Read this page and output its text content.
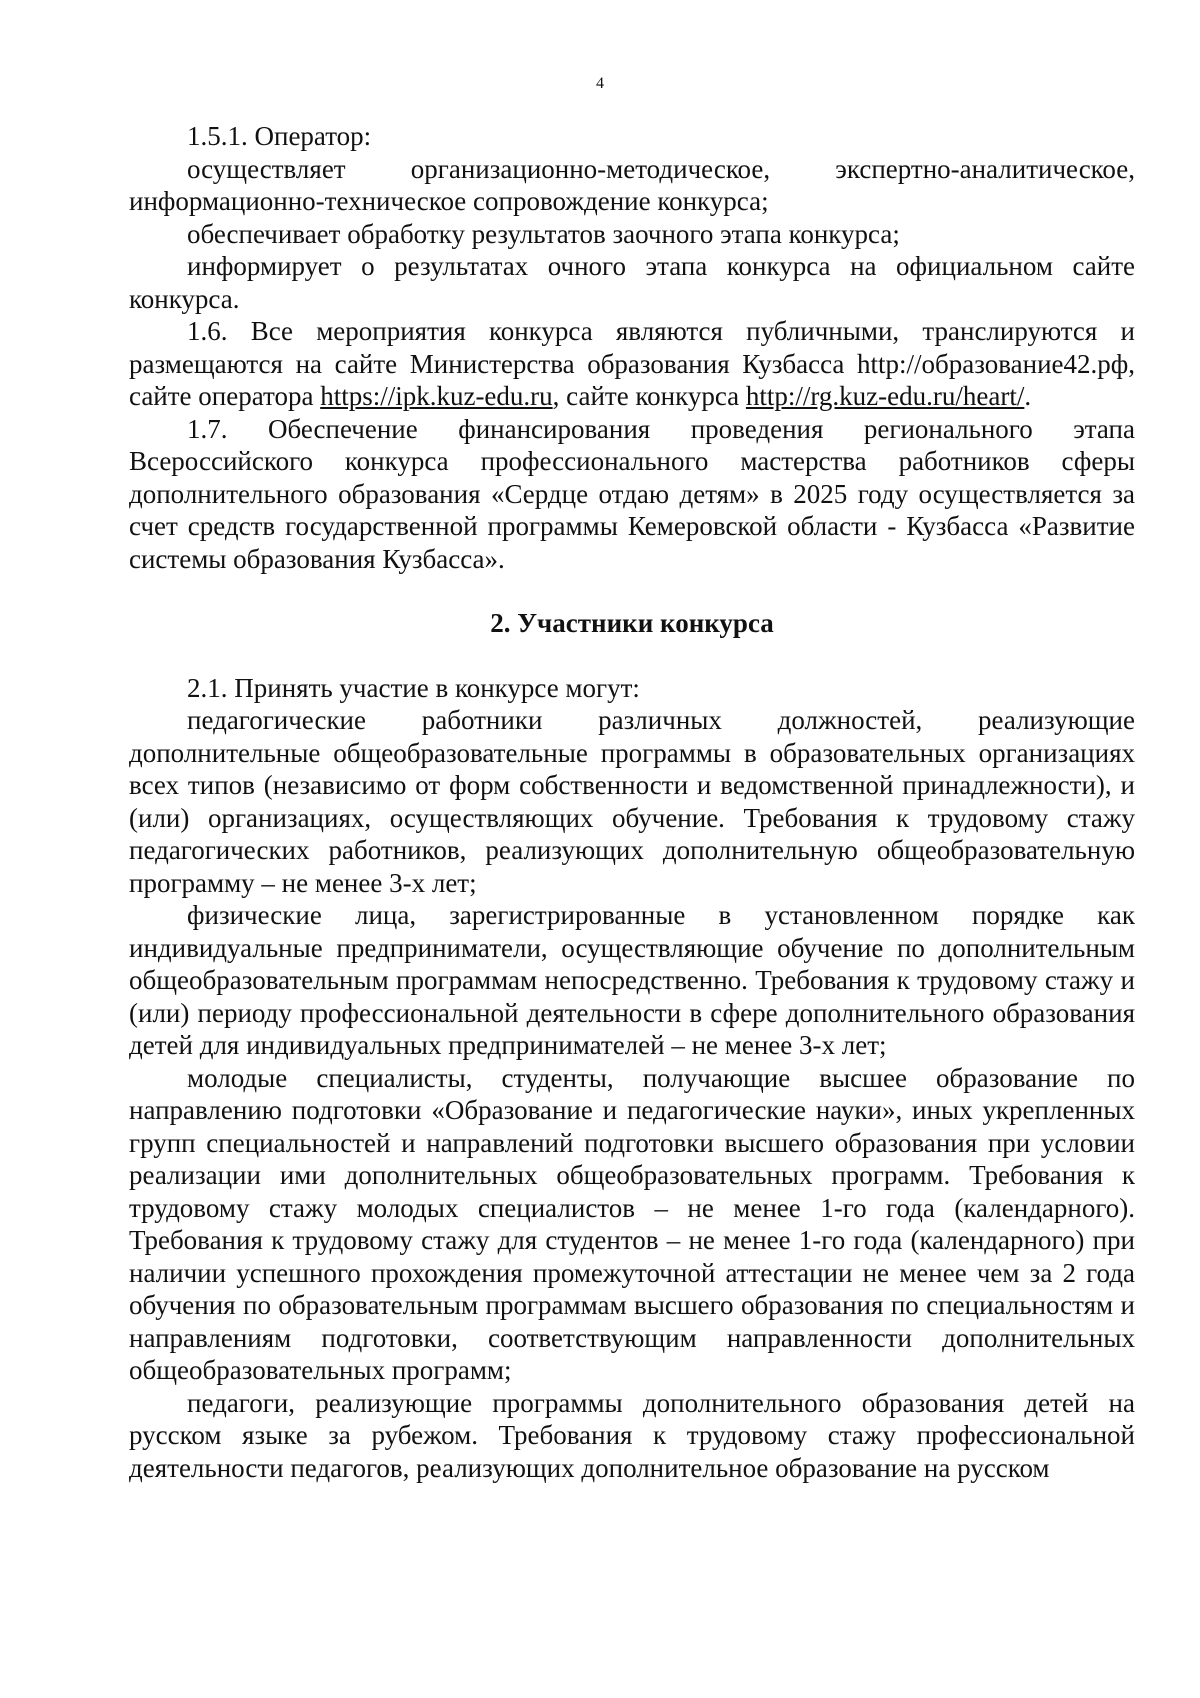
4

1.5.1. Оператор:

осуществляет организационно-методическое, экспертно-аналитическое, информационно-техническое сопровождение конкурса;

обеспечивает обработку результатов заочного этапа конкурса;

информирует о результатах очного этапа конкурса на официальном сайте конкурса.

1.6. Все мероприятия конкурса являются публичными, транслируются и размещаются на сайте Министерства образования Кузбасса http://образование42.рф, сайте оператора https://ipk.kuz-edu.ru, сайте конкурса http://rg.kuz-edu.ru/heart/.

1.7. Обеспечение финансирования проведения регионального этапа Всероссийского конкурса профессионального мастерства работников сферы дополнительного образования «Сердце отдаю детям» в 2025 году осуществляется за счет средств государственной программы Кемеровской области - Кузбасса «Развитие системы образования Кузбасса».

2. Участники конкурса

2.1. Принять участие в конкурсе могут:

педагогические работники различных должностей, реализующие дополнительные общеобразовательные программы в образовательных организациях всех типов (независимо от форм собственности и ведомственной принадлежности), и (или) организациях, осуществляющих обучение. Требования к трудовому стажу педагогических работников, реализующих дополнительную общеобразовательную программу – не менее 3-х лет;

физические лица, зарегистрированные в установленном порядке как индивидуальные предприниматели, осуществляющие обучение по дополнительным общеобразовательным программам непосредственно. Требования к трудовому стажу и (или) периоду профессиональной деятельности в сфере дополнительного образования детей для индивидуальных предпринимателей – не менее 3-х лет;

молодые специалисты, студенты, получающие высшее образование по направлению подготовки «Образование и педагогические науки», иных укрепленных групп специальностей и направлений подготовки высшего образования при условии реализации ими дополнительных общеобразовательных программ. Требования к трудовому стажу молодых специалистов – не менее 1-го года (календарного). Требования к трудовому стажу для студентов – не менее 1-го года (календарного) при наличии успешного прохождения промежуточной аттестации не менее чем за 2 года обучения по образовательным программам высшего образования по специальностям и направлениям подготовки, соответствующим направленности дополнительных общеобразовательных программ;

педагоги, реализующие программы дополнительного образования детей на русском языке за рубежом. Требования к трудовому стажу профессиональной деятельности педагогов, реализующих дополнительное образование на русском
